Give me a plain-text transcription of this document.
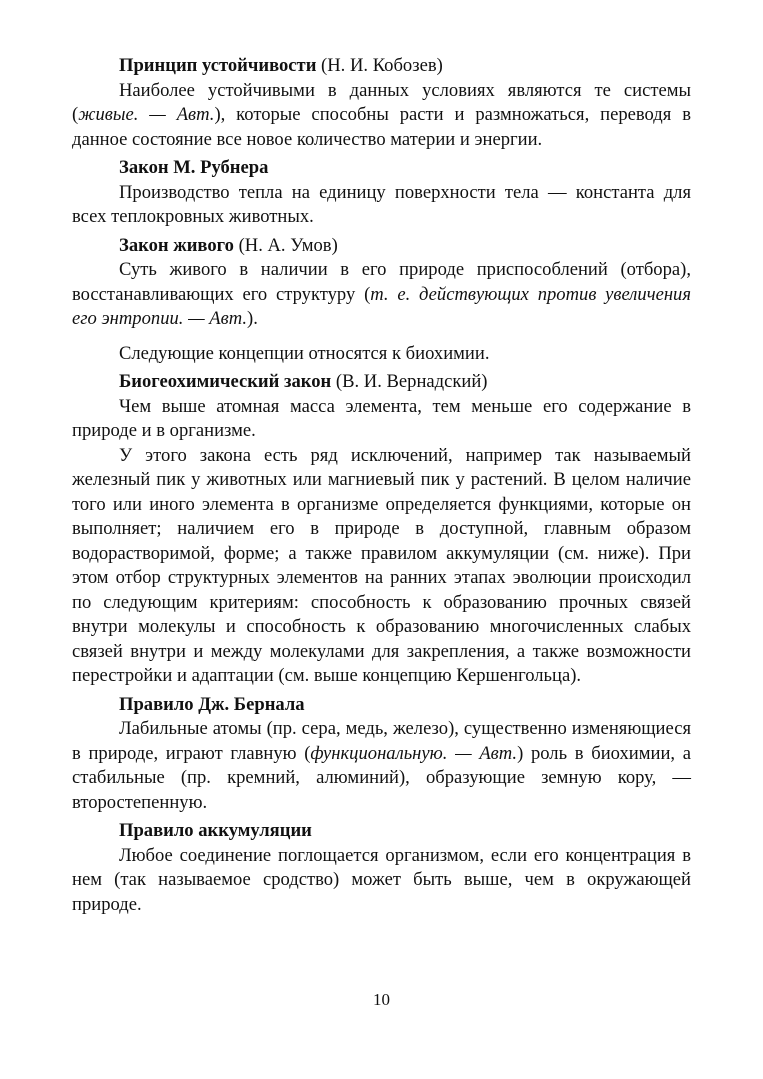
Принцип устойчивости (Н. И. Кобозев)

Наиболее устойчивыми в данных условиях являются те системы (живые. — Авт.), которые способны расти и размножаться, переводя в данное состояние все новое количество материи и энергии.

Закон М. Рубнера

Производство тепла на единицу поверхности тела — константа для всех теплокровных животных.

Закон живого (Н. А. Умов)

Суть живого в наличии в его природе приспособлений (отбора), восстанавливающих его структуру (т. е. действующих против увеличения его энтропии. — Авт.).

Следующие концепции относятся к биохимии.

Биогеохимический закон (В. И. Вернадский)

Чем выше атомная масса элемента, тем меньше его содержание в природе и в организме.

У этого закона есть ряд исключений, например так называемый железный пик у животных или магниевый пик у растений. В целом наличие того или иного элемента в организме определяется функциями, которые он выполняет; наличием его в природе в доступной, главным образом водорастворимой, форме; а также правилом аккумуляции (см. ниже). При этом отбор структурных элементов на ранних этапах эволюции происходил по следующим критериям: способность к образованию прочных связей внутри молекулы и способность к образованию многочисленных слабых связей внутри и между молекулами для закрепления, а также возможности перестройки и адаптации (см. выше концепцию Кершенгольца).

Правило Дж. Бернала

Лабильные атомы (пр. сера, медь, железо), существенно изменяющиеся в природе, играют главную (функциональную. — Авт.) роль в биохимии, а стабильные (пр. кремний, алюминий), образующие земную кору, — второстепенную.

Правило аккумуляции

Любое соединение поглощается организмом, если его концентрация в нем (так называемое сродство) может быть выше, чем в окружающей природе.

10
